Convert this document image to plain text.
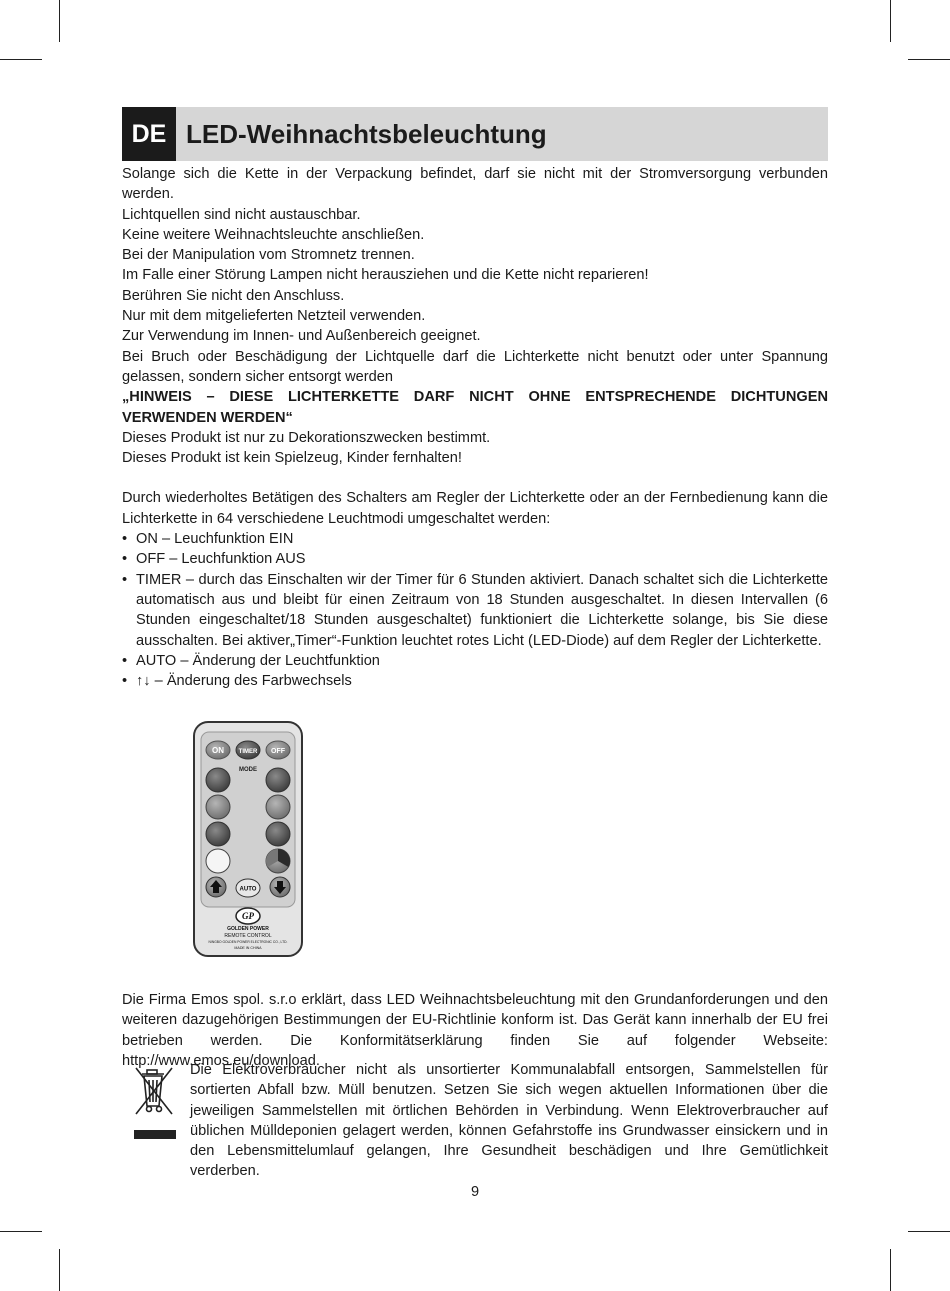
DE LED-Weihnachtsbeleuchtung

Solange sich die Kette in der Verpackung befindet, darf sie nicht mit der Stromversorgung verbunden werden.

Lichtquellen sind nicht austauschbar.

Keine weitere Weihnachtsleuchte anschließen.

Bei der Manipulation vom Stromnetz trennen.

Im Falle einer Störung Lampen nicht herausziehen und die Kette nicht reparieren!

Berühren Sie nicht den Anschluss.

Nur mit dem mitgelieferten Netzteil verwenden.

Zur Verwendung im Innen- und Außenbereich geeignet.

Bei Bruch oder Beschädigung der Lichtquelle darf die Lichterkette nicht benutzt oder unter Spannung gelassen, sondern sicher entsorgt werden

„HINWEIS – DIESE LICHTERKETTE DARF NICHT OHNE ENTSPRECHENDE DICHTUNGEN VERWENDEN WERDEN“

Dieses Produkt ist nur zu Dekorationszwecken bestimmt.

Dieses Produkt ist kein Spielzeug, Kinder fernhalten!

Durch wiederholtes Betätigen des Schalters am Regler der Lichterkette oder an der Fernbedienung kann die Lichterkette in 64 verschiedene Leuchtmodi umgeschaltet werden:

• ON – Leuchfunktion EIN
• OFF – Leuchfunktion AUS
• TIMER – durch das Einschalten wir der Timer für 6 Stunden aktiviert. Danach schaltet sich die Lichterkette automatisch aus und bleibt für einen Zeitraum von 18 Stunden ausgeschaltet. In diesen Intervallen (6 Stunden eingeschaltet/18 Stunden ausgeschaltet) funktioniert die Lichterkette solange, bis Sie diese ausschalten. Bei aktiver„Timer“-Funktion leuchtet rotes Licht (LED-Diode) auf dem Regler der Lichterkette.
• AUTO – Änderung der Leuchtfunktion
• ↑↓ – Änderung des Farbwechsels
ON TIMER OFF
MODE
AUTO
GP
GOLDEN POWER
REMOTE CONTROL
NINGBO GOLDEN POWER ELECTRONIC CO., LTD.
MADE IN CHINA

Die Firma Emos spol. s.r.o erklärt, dass LED Weihnachtsbeleuchtung mit den Grundanforderungen und den weiteren dazugehörigen Bestimmungen der EU-Richtlinie konform ist. Das Gerät kann innerhalb der EU frei betrieben werden. Die Konformitätserklärung finden Sie auf folgender Webseite: http://www.emos.eu/download.

Die Elektroverbraucher nicht als unsortierter Kommunalabfall entsorgen, Sammelstellen für sortierten Abfall bzw. Müll benutzen. Setzen Sie sich wegen aktuellen Informationen über die jeweiligen Sammelstellen mit örtlichen Behörden in Verbindung. Wenn Elektroverbraucher auf üblichen Mülldeponien gelagert werden, können Gefahrstoffe ins Grundwasser einsickern und in den Lebensmittelumlauf gelangen, Ihre Gesundheit beschädigen und Ihre Gemütlichkeit verderben.

9
